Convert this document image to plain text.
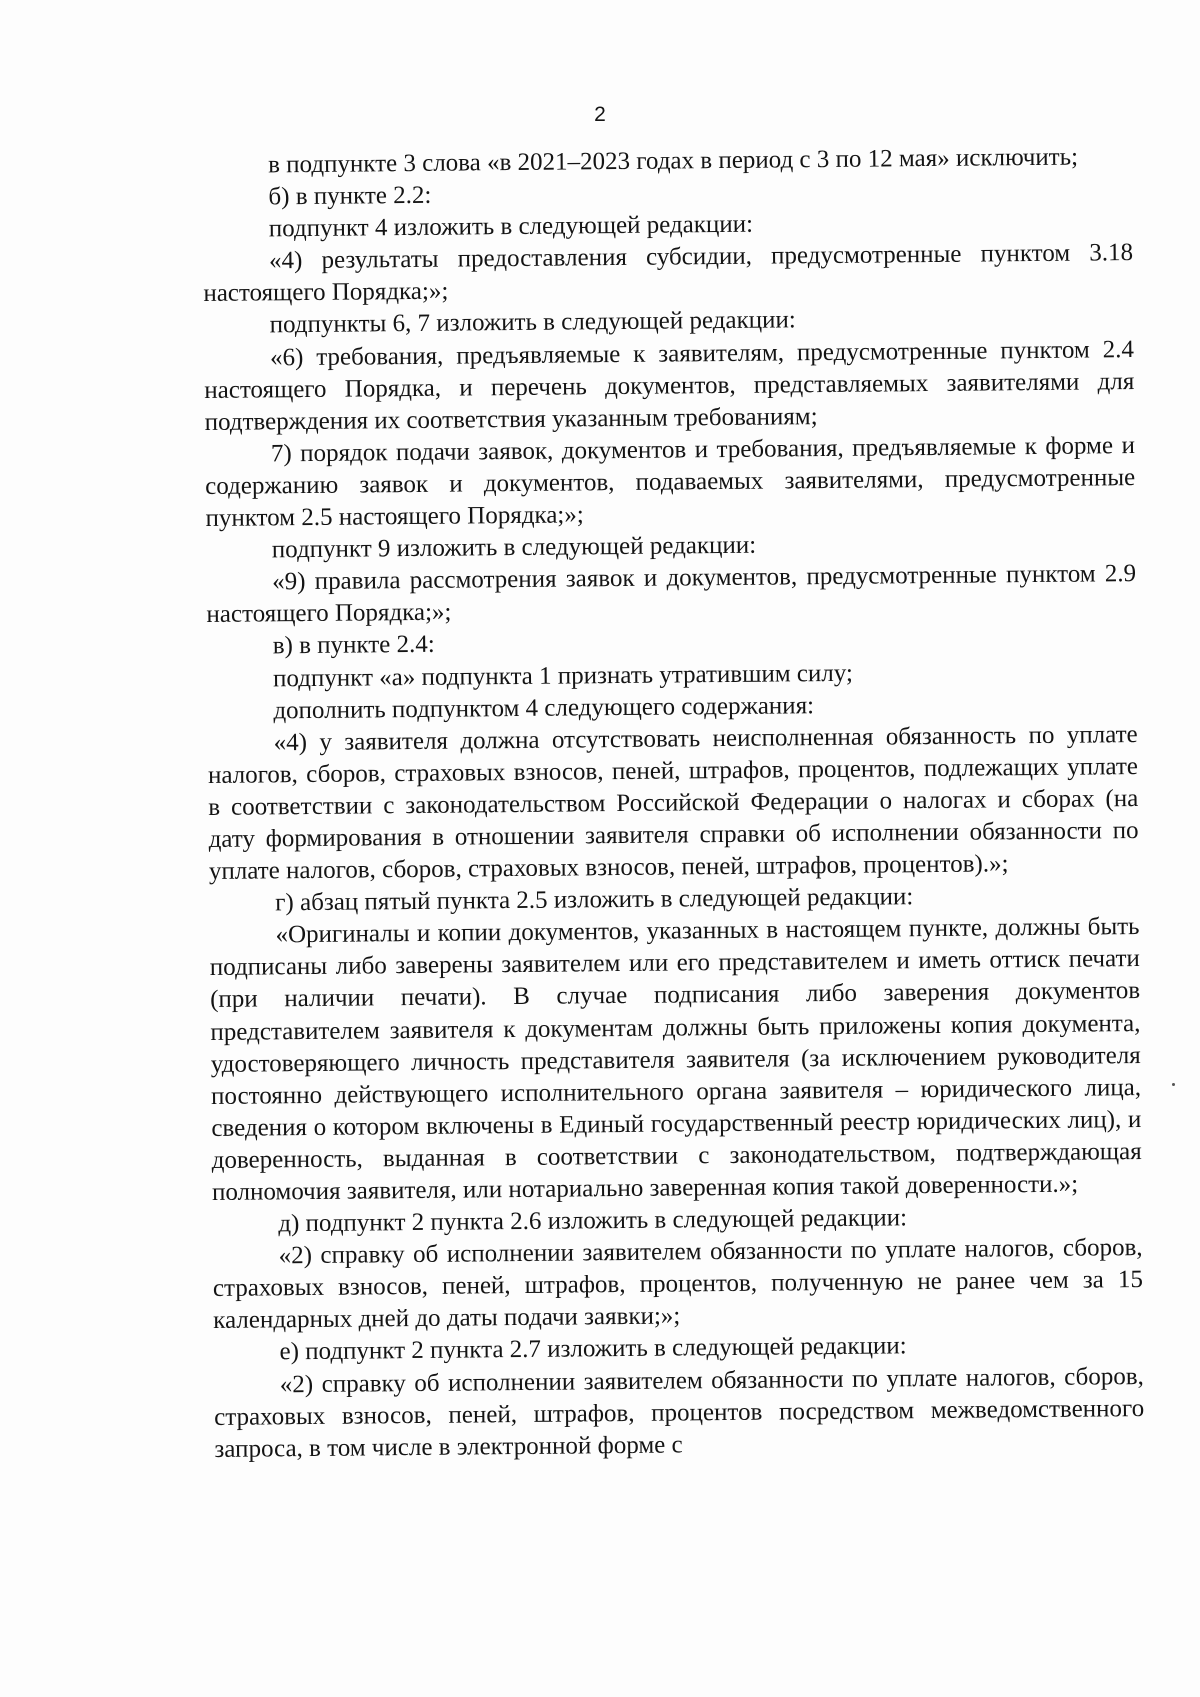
2

в подпункте 3 слова «в 2021–2023 годах в период с 3 по 12 мая» исключить;

б) в пункте 2.2:

подпункт 4 изложить в следующей редакции:

«4) результаты предоставления субсидии, предусмотренные пунктом 3.18 настоящего Порядка;»;

подпункты 6, 7 изложить в следующей редакции:

«6) требования, предъявляемые к заявителям, предусмотренные пунктом 2.4 настоящего Порядка, и перечень документов, представляемых заявителями для подтверждения их соответствия указанным требованиям;

7) порядок подачи заявок, документов и требования, предъявляемые к форме и содержанию заявок и документов, подаваемых заявителями, предусмотренные пунктом 2.5 настоящего Порядка;»;

подпункт 9 изложить в следующей редакции:

«9) правила рассмотрения заявок и документов, предусмотренные пунктом 2.9 настоящего Порядка;»;

в) в пункте 2.4:

подпункт «а» подпункта 1 признать утратившим силу;

дополнить подпунктом 4 следующего содержания:

«4) у заявителя должна отсутствовать неисполненная обязанность по уплате налогов, сборов, страховых взносов, пеней, штрафов, процентов, подлежащих уплате в соответствии с законодательством Российской Федерации о налогах и сборах (на дату формирования в отношении заявителя справки об исполнении обязанности по уплате налогов, сборов, страховых взносов, пеней, штрафов, процентов).»;

г) абзац пятый пункта 2.5 изложить в следующей редакции:

«Оригиналы и копии документов, указанных в настоящем пункте, должны быть подписаны либо заверены заявителем или его представителем и иметь оттиск печати (при наличии печати). В случае подписания либо заверения документов представителем заявителя к документам должны быть приложены копия документа, удостоверяющего личность представителя заявителя (за исключением руководителя постоянно действующего исполнительного органа заявителя – юридического лица, сведения о котором включены в Единый государственный реестр юридических лиц), и доверенность, выданная в соответствии с законодательством, подтверждающая полномочия заявителя, или нотариально заверенная копия такой доверенности.»;

д) подпункт 2 пункта 2.6 изложить в следующей редакции:

«2) справку об исполнении заявителем обязанности по уплате налогов, сборов, страховых взносов, пеней, штрафов, процентов, полученную не ранее чем за 15 календарных дней до даты подачи заявки;»;

е) подпункт 2 пункта 2.7 изложить в следующей редакции:

«2) справку об исполнении заявителем обязанности по уплате налогов, сборов, страховых взносов, пеней, штрафов, процентов посредством межведомственного запроса, в том числе в электронной форме с
